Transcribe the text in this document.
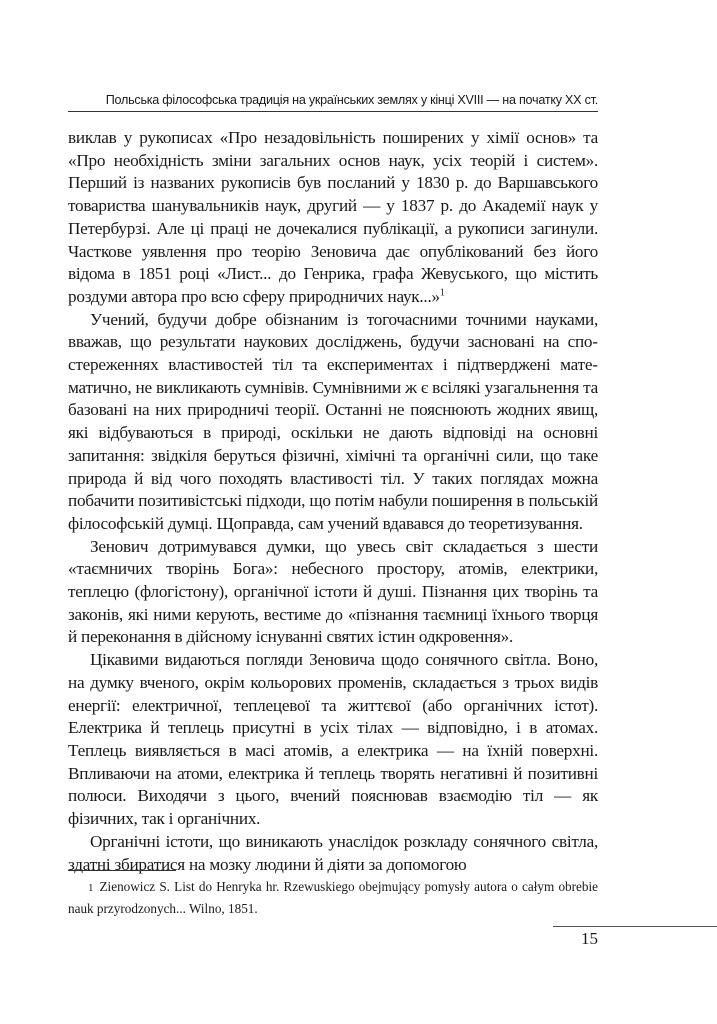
Польська філософська традиція на українських землях у кінці XVIII — на початку XX ст.

виклав у рукописах «Про незадовільність поширених у хімії основ» та «Про необхідність зміни загальних основ наук, усіх теорій і систем». Перший із названих рукописів був посланий у 1830 р. до Варшавського товариства шанувальників наук, другий — у 1837 р. до Академії наук у Петербурзі. Але ці праці не дочекалися публікації, а рукописи загинули. Часткове уявлення про теорію Зеновича дає опублікований без його відома в 1851 році «Лист... до Генрика, графа Жевуського, що містить роздуми автора про всю сферу природничих наук...»$^1$

Учений, будучи добре обізнаним із тогочасними точними науками, вважав, що результати наукових досліджень, будучи засновані на спостереженнях властивостей тіл та експериментах і підтверджені математично, не викликають сумнівів. Сумнівними ж є всілякі узагальнення та базовані на них природничі теорії. Останні не пояснюють жодних явищ, які відбуваються в природі, оскільки не дають відповіді на основні запитання: звідкіля беруться фізичні, хімічні та органічні сили, що таке природа й від чого походять властивості тіл. У таких поглядах можна побачити позитивістські підходи, що потім набули поширення в польській філософській думці. Щоправда, сам учений вдавався до теоретизування.

Зенович дотримувався думки, що увесь світ складається з шести «таємничих творінь Бога»: небесного простору, атомів, електрики, теплецю (флогістону), органічної істоти й душі. Пізнання цих творінь та законів, які ними керують, вестиме до «пізнання таємниці їхнього творця й переконання в дійсному існуванні святих істин одкровення».

Цікавими видаються погляди Зеновича щодо сонячного світла. Воно, на думку вченого, окрім кольорових променів, складається з трьох видів енергії: електричної, теплецевої та життєвої (або органічних істот). Електрика й теплець присутні в усіх тілах — відповідно, і в атомах. Теплець виявляється в масі атомів, а електрика — на їхній поверхні. Впливаючи на атоми, електрика й теплець творять негативні й позитивні полюси. Виходячи з цього, вчений пояснював взаємодію тіл — як фізичних, так і органічних.

Органічні істоти, що виникають унаслідок розкладу сонячного світла, здатні збиратися на мозку людини й діяти за допомогою

1 Zienowicz S. List do Henryka hr. Rzewuskiego obejmujący pomysły autora o całym obrebie nauk przyrodzonych... Wilno, 1851.
15
